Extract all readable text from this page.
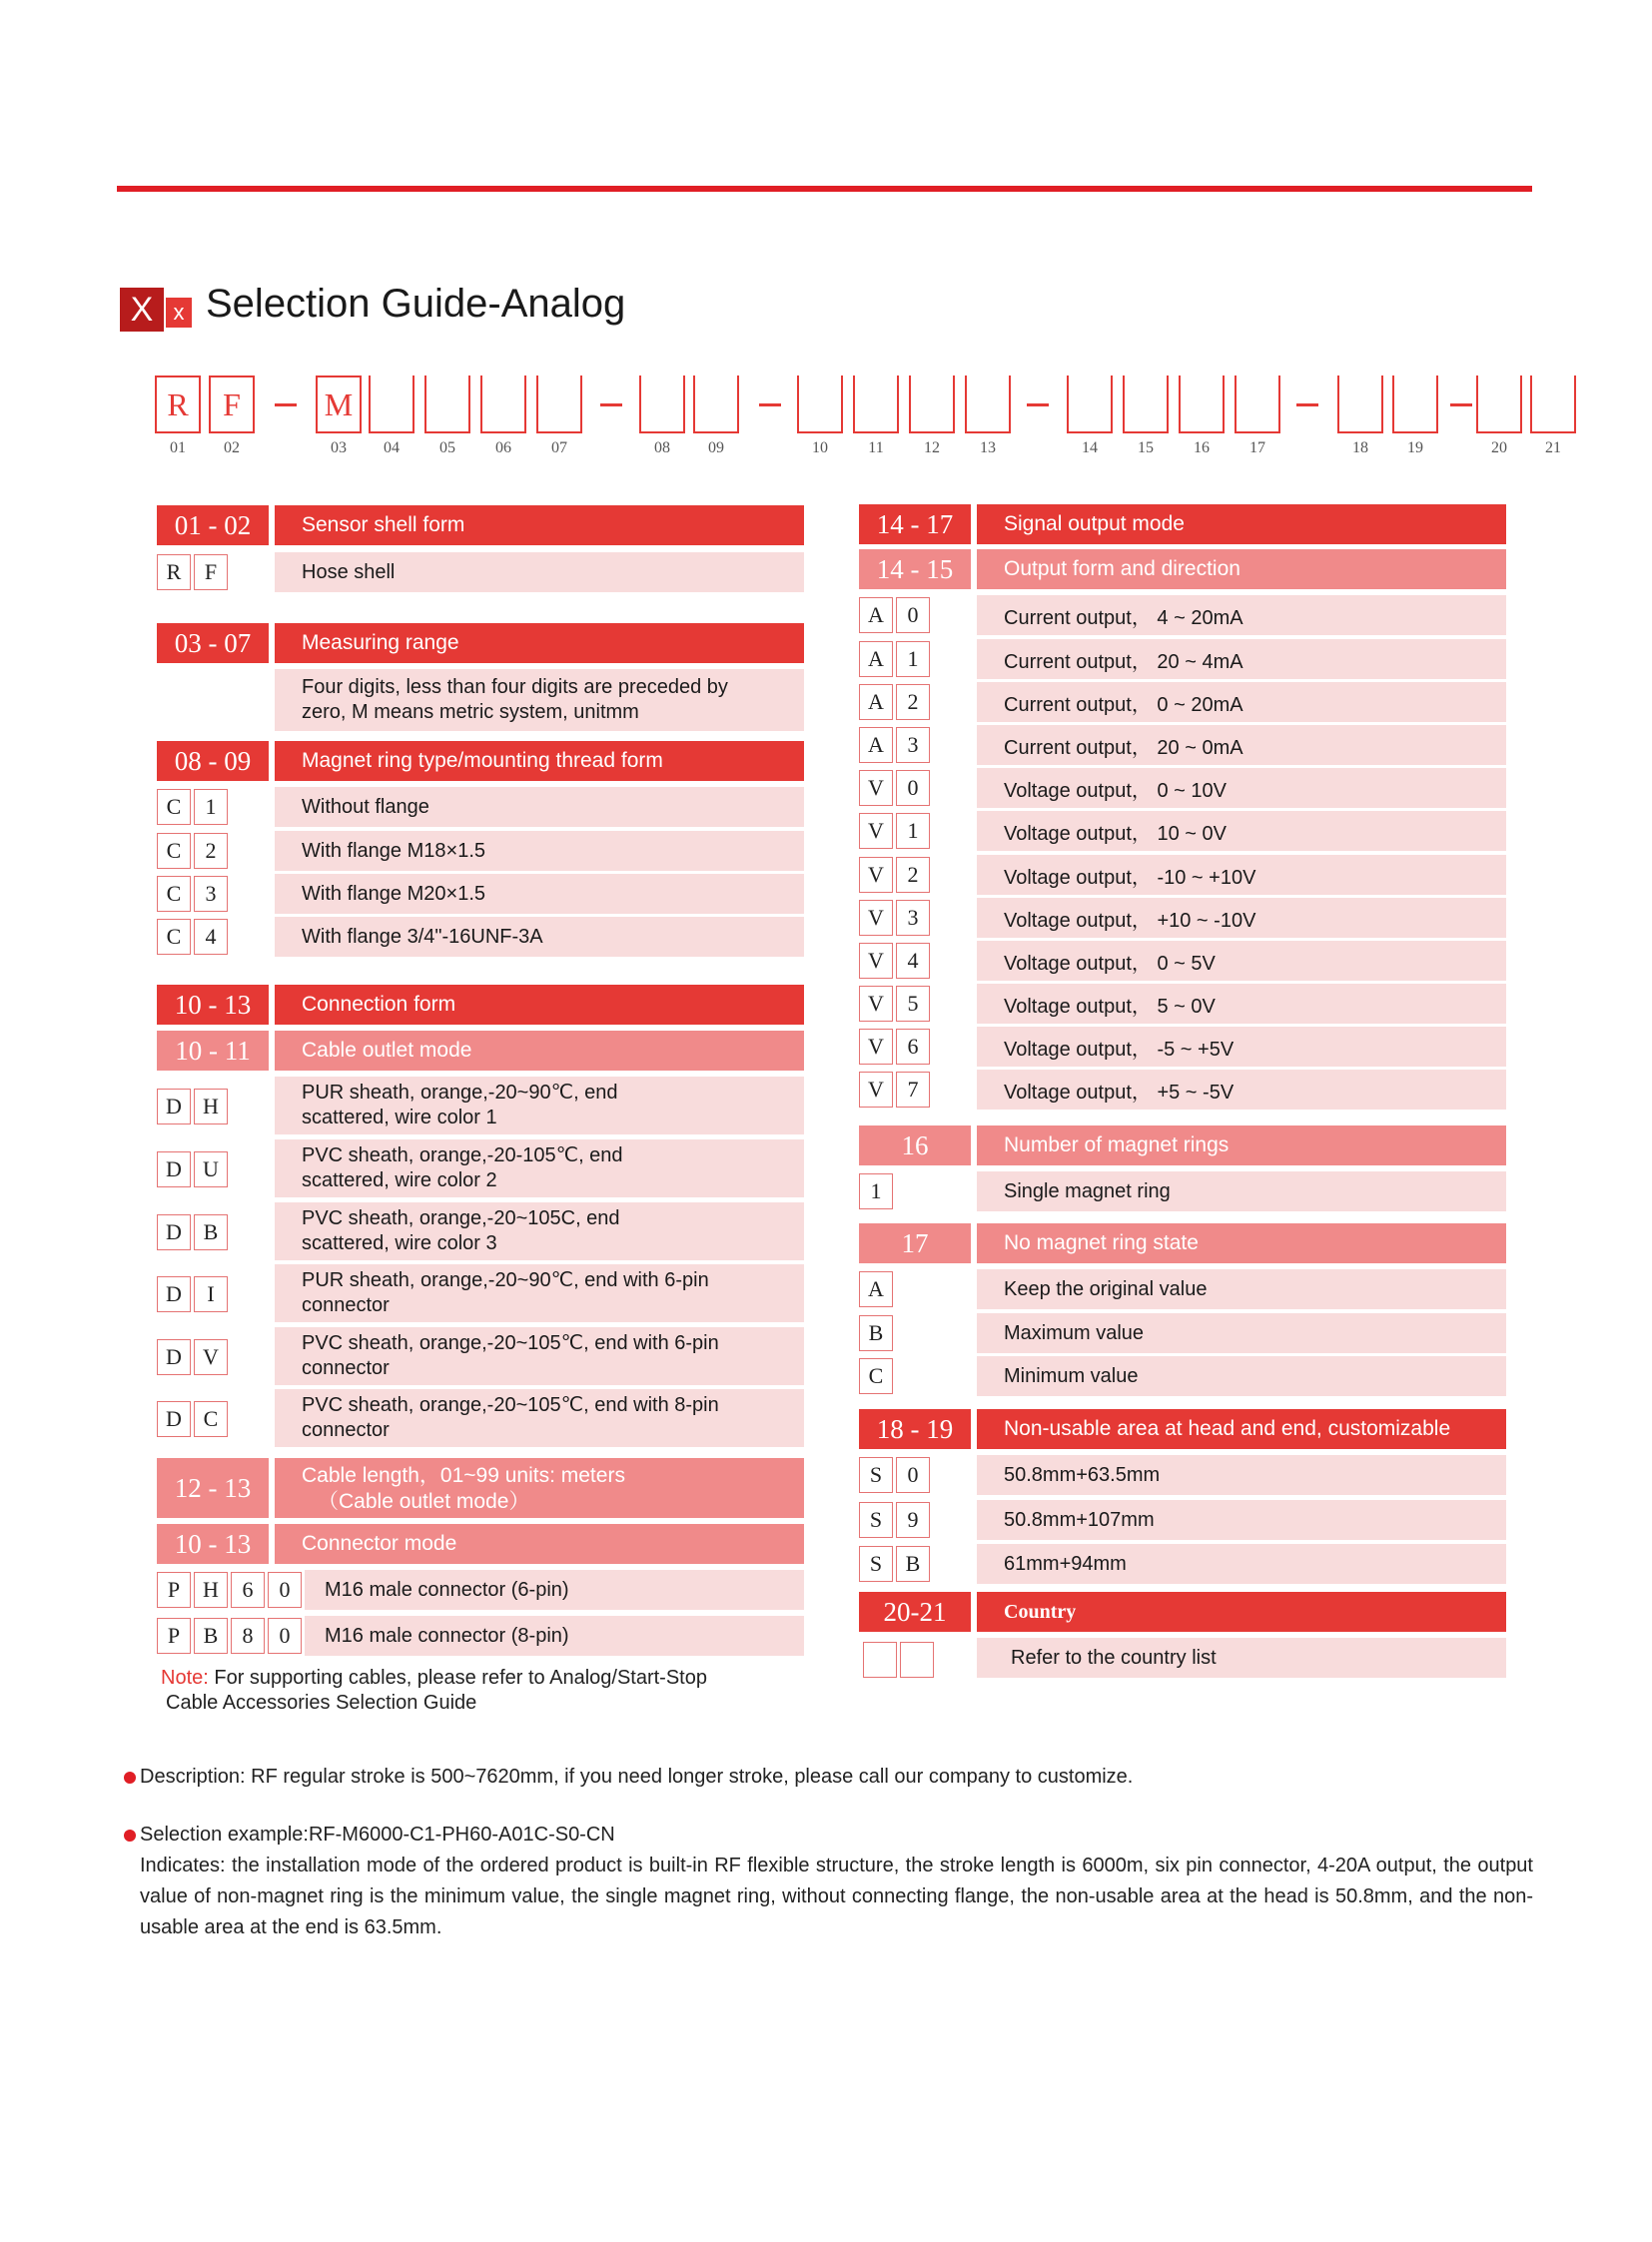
X x Selection Guide-Analog
R
01
F
02
M
03	04	05	06	07	08	09	10	11	12	13	14	15	16	17	18	19	20	21
01 - 02	Sensor shell form
R	F	Hose shell
03 - 07	Measuring range
Four digits, less than four digits are preceded by
zero, M means metric system, unitmm
08 - 09	Magnet ring type/mounting thread form
C	1	Without flange
C	2	With flange M18×1.5
C	3	With flange M20×1.5
C	4	With flange 3/4"-16UNF-3A
10 - 13	Connection form
10 - 11	Cable outlet mode
D H
PUR sheath, orange,-20~90℃, end
scattered, wire color 1
D U
PVC sheath, orange,-20-105℃, end
scattered, wire color 2
D B
PVC sheath, orange,-20~105C, end
scattered, wire color 3
D	I
PUR sheath, orange,-20~90℃, end with 6-pin
connector
D V
PVC sheath, orange,-20~105℃, end with 6-pin
connector
D C
PVC sheath, orange,-20~105℃, end with 8-pin
connector
12 - 13	Cable length，01~99 units: meters
（Cable outlet mode）
10 - 13	Connector mode
P	H	6	0	M16 male connector (6-pin)
P	B	8	0	M16 male connector (8-pin)
Note: For supporting cables, please refer to Analog/Start-Stop
Cable Accessories Selection Guide
14 - 17	Signal output mode
14 - 15	Output form and direction
A	0	Current output， 4 ~ 20mA
A	1	Current output， 20 ~ 4mA
A	2	Current output， 0 ~ 20mA
A	3	Current output， 20 ~ 0mA
V	0	Voltage output， 0 ~ 10V
V	1	Voltage output， 10 ~ 0V
V	2	Voltage output， -10 ~ +10V
V	3	Voltage output， +10 ~ -10V
V	4	Voltage output， 0 ~ 5V
V	5	Voltage output， 5 ~ 0V
V	6	Voltage output， -5 ~ +5V
V	7	Voltage output， +5 ~ -5V
16	Number of magnet rings
1	Single magnet ring
17	No magnet ring state
A	Keep the original value
B	Maximum value
C	Minimum value
18 - 19	Non-usable area at head and end, customizable
S	0	50.8mm+63.5mm
S	9	50.8mm+107mm
S	B	61mm+94mm
20-21	Country
Refer to the country list
Description: RF regular stroke is 500~7620mm, if you need longer stroke, please call our company to customize.
Selection example:RF-M6000-C1-PH60-A01C-S0-CN
Indicates: the installation mode of the ordered product is built-in RF flexible structure, the stroke length is 6000m, six pin connector, 4-20A output, the output value of non-magnet ring is the minimum value, the single magnet ring, without connecting flange, the non-usable area at the head is 50.8mm, and the non-usable area at the end is 63.5mm.
